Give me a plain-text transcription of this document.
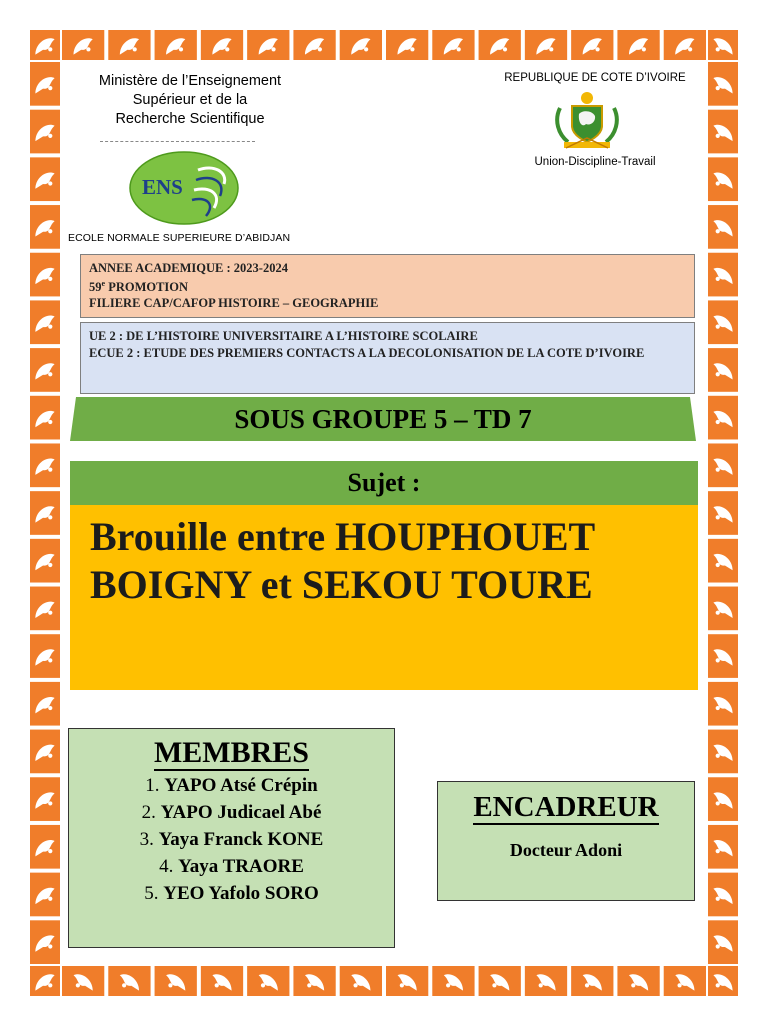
Ministère de l’Enseignement
Supérieur et de la
Recherche Scientifique
ENS
ECOLE NORMALE SUPERIEURE D’ABIDJAN
REPUBLIQUE DE COTE D’IVOIRE
Union-Discipline-Travail
ANNEE ACADEMIQUE : 2023-2024
59e PROMOTION
FILIERE CAP/CAFOP HISTOIRE – GEOGRAPHIE
UE 2 : DE L’HISTOIRE UNIVERSITAIRE A L’HISTOIRE SCOLAIRE
ECUE 2 : ETUDE DES PREMIERS CONTACTS A LA DECOLONISATION DE LA COTE D’IVOIRE
SOUS GROUPE 5 – TD 7
Sujet :
Brouille entre HOUPHOUET BOIGNY et SEKOU TOURE
MEMBRES
1. YAPO Atsé Crépin
2. YAPO Judicael Abé
3. Yaya Franck KONE
4. Yaya TRAORE
5. YEO Yafolo SORO
ENCADREUR
Docteur Adoni
